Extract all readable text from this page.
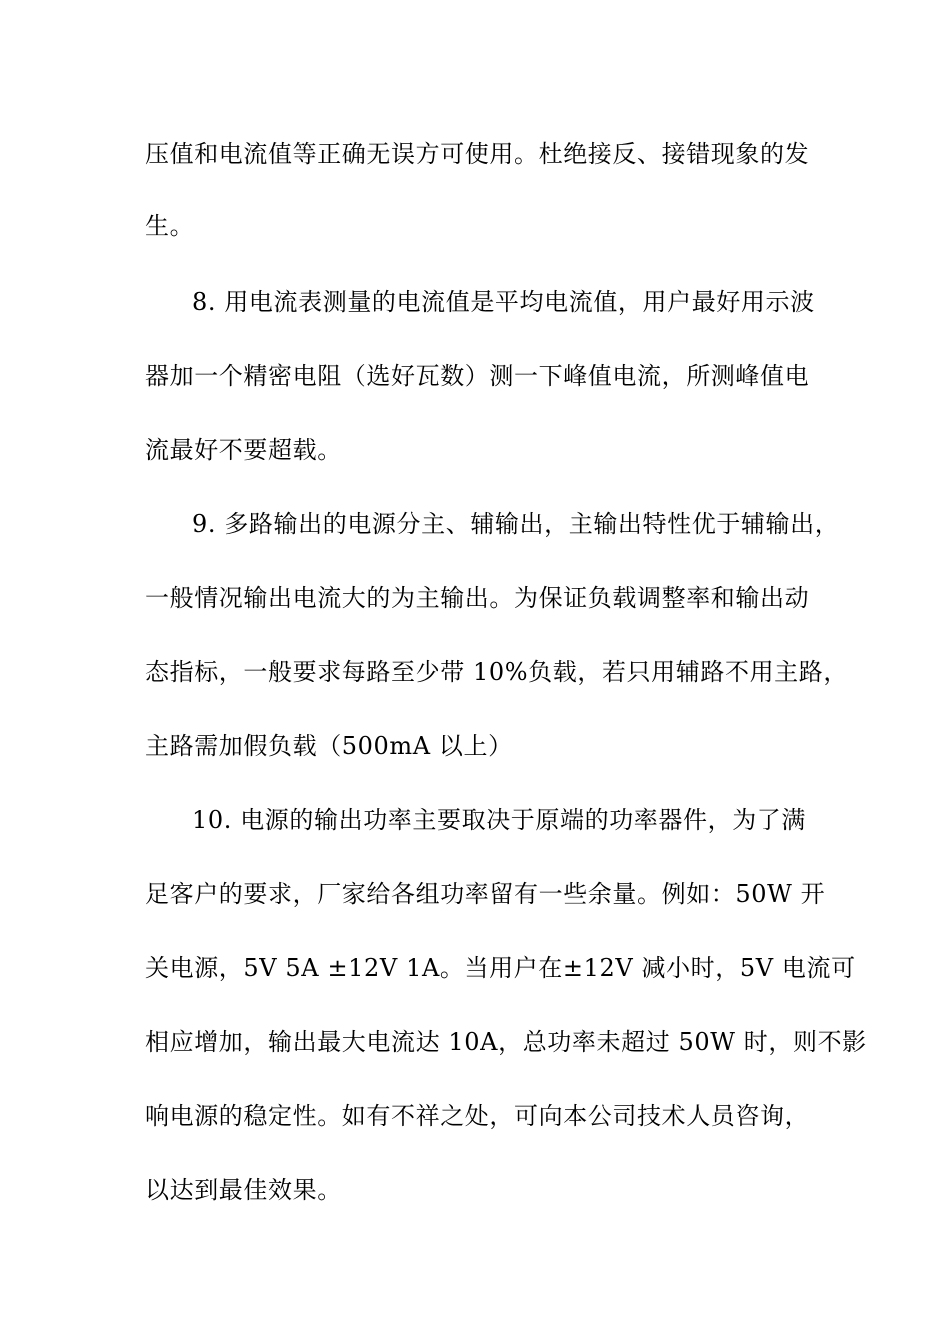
压值和电流值等正确无误方可使用。杜绝接反、接错现象的发
生。
8. 用电流表测量的电流值是平均电流值，用户最好用示波
器加一个精密电阻（选好瓦数）测一下峰值电流，所测峰值电
流最好不要超载。
9. 多路输出的电源分主、辅输出，主输出特性优于辅输出，
一般情况输出电流大的为主输出。为保证负载调整率和输出动
态指标，一般要求每路至少带 10%负载，若只用辅路不用主路，
主路需加假负载（500mA 以上）
10. 电源的输出功率主要取决于原端的功率器件，为了满
足客户的要求，厂家给各组功率留有一些余量。例如：50W 开
关电源，5V 5A ±12V 1A。当用户在±12V 减小时，5V 电流可
相应增加，输出最大电流达 10A，总功率未超过 50W 时，则不影
响电源的稳定性。如有不祥之处，可向本公司技术人员咨询，
以达到最佳效果。
